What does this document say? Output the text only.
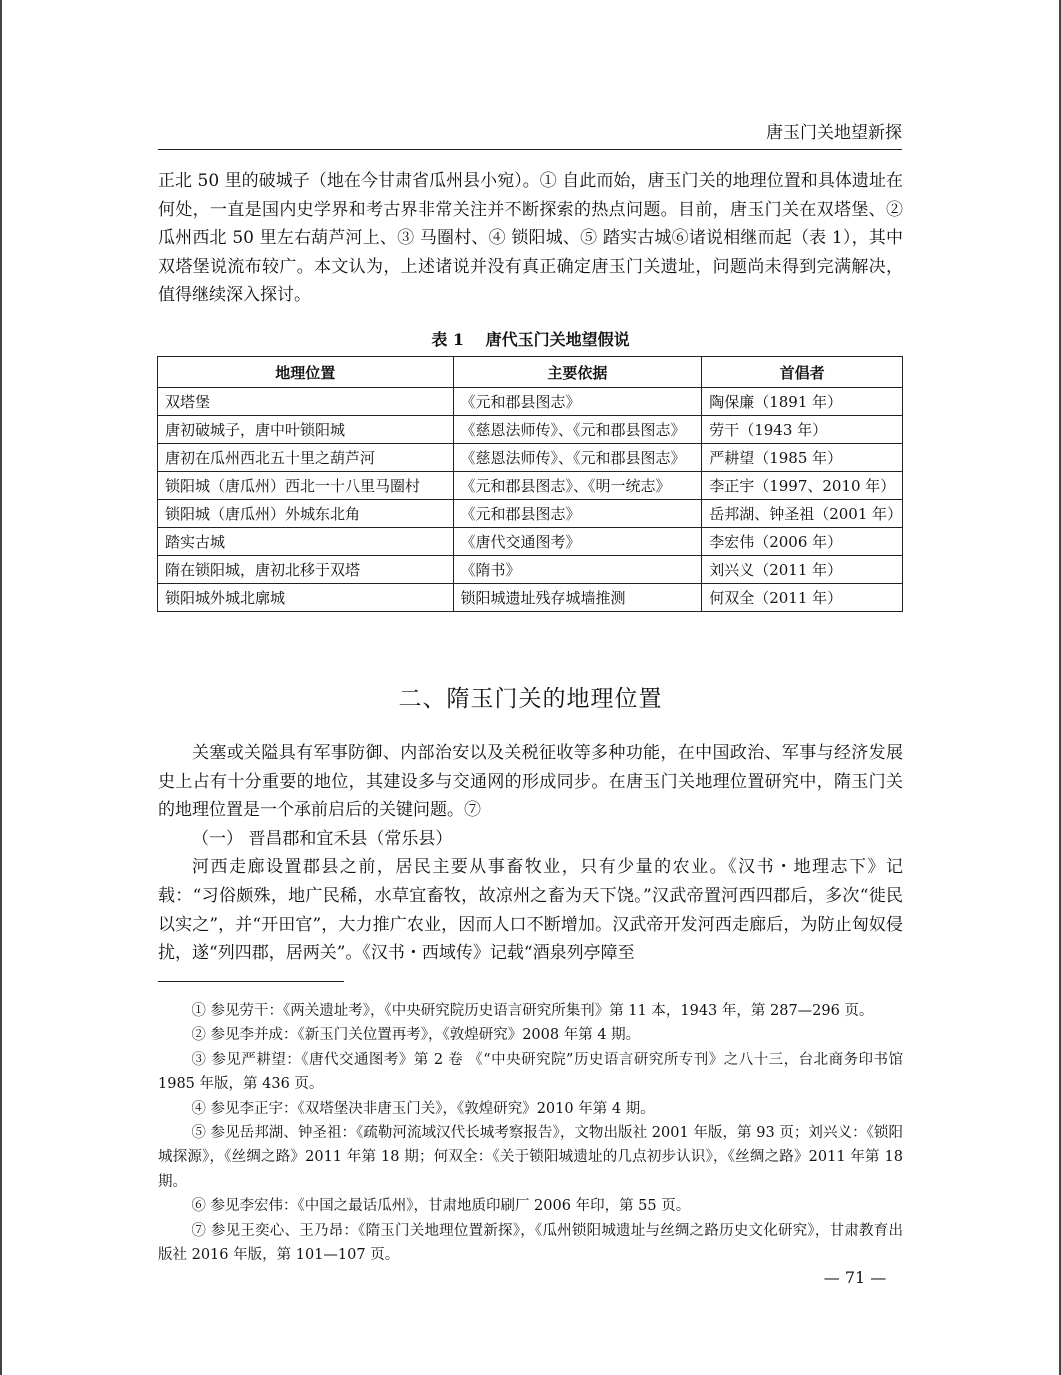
唐玉门关地望新探

正北 50 里的破城子（地在今甘肃省瓜州县小宛）。① 自此而始，唐玉门关的地理位置和具体遗址在何处，一直是国内史学界和考古界非常关注并不断探索的热点问题。目前，唐玉门关在双塔堡、② 瓜州西北 50 里左右葫芦河上、③ 马圈村、④ 锁阳城、⑤ 踏实古城⑥诸说相继而起（表 1），其中双塔堡说流布较广。本文认为，上述诸说并没有真正确定唐玉门关遗址，问题尚未得到完满解决，值得继续深入探讨。

表 1 唐代玉门关地望假说
地理位置	主要依据	首倡者
双塔堡	《元和郡县图志》	陶保廉（1891 年）
唐初破城子，唐中叶锁阳城	《慈恩法师传》、《元和郡县图志》	劳干（1943 年）
唐初在瓜州西北五十里之葫芦河	《慈恩法师传》、《元和郡县图志》	严耕望（1985 年）
锁阳城（唐瓜州）西北一十八里马圈村	《元和郡县图志》、《明一统志》	李正宇（1997、2010 年）
锁阳城（唐瓜州）外城东北角	《元和郡县图志》	岳邦湖、钟圣祖（2001 年）
踏实古城	《唐代交通图考》	李宏伟（2006 年）
隋在锁阳城，唐初北移于双塔	《隋书》	刘兴义（2011 年）
锁阳城外城北廓城	锁阳城遗址残存城墙推测	何双全（2011 年）
二、隋玉门关的地理位置

关塞或关隘具有军事防御、内部治安以及关税征收等多种功能，在中国政治、军事与经济发展史上占有十分重要的地位，其建设多与交通网的形成同步。在唐玉门关地理位置研究中，隋玉门关的地理位置是一个承前启后的关键问题。⑦

（一） 晋昌郡和宜禾县（常乐县）

河西走廊设置郡县之前，居民主要从事畜牧业，只有少量的农业。《汉书・地理志下》记载：“习俗颇殊，地广民稀，水草宜畜牧，故凉州之畜为天下饶。”汉武帝置河西四郡后，多次“徙民以实之”，并“开田官”，大力推广农业，因而人口不断增加。汉武帝开发河西走廊后，为防止匈奴侵扰，遂“列四郡，居两关”。《汉书・西域传》记载“酒泉列亭障至

① 参见劳干：《两关遗址考》，《中央研究院历史语言研究所集刊》第 11 本，1943 年，第 287—296 页。

② 参见李并成：《新玉门关位置再考》，《敦煌研究》2008 年第 4 期。

③ 参见严耕望：《唐代交通图考》第 2 卷 《“中央研究院”历史语言研究所专刊》之八十三，台北商务印书馆 1985 年版，第 436 页。

④ 参见李正宇：《双塔堡决非唐玉门关》，《敦煌研究》2010 年第 4 期。

⑤ 参见岳邦湖、钟圣祖：《疏勒河流域汉代长城考察报告》，文物出版社 2001 年版，第 93 页；刘兴义：《锁阳城探源》，《丝绸之路》2011 年第 18 期；何双全：《关于锁阳城遗址的几点初步认识》，《丝绸之路》2011 年第 18 期。

⑥ 参见李宏伟：《中国之最话瓜州》，甘肃地质印刷厂 2006 年印，第 55 页。

⑦ 参见王奕心、王乃昂：《隋玉门关地理位置新探》，《瓜州锁阳城遗址与丝绸之路历史文化研究》，甘肃教育出版社 2016 年版，第 101—107 页。

— 71 —
